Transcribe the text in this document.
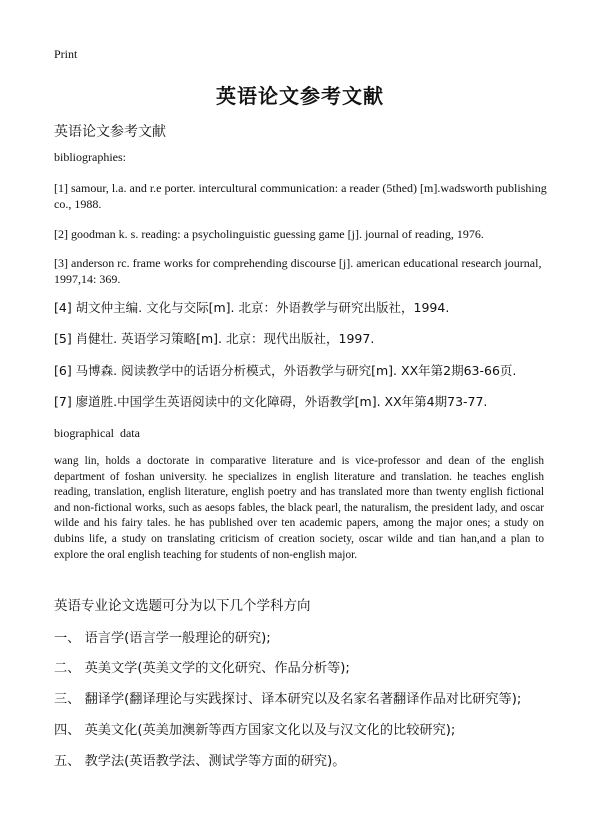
Print
英语论文参考文献
英语论文参考文献
bibliographies:
[1] samour, l.a. and r.e porter. intercultural communication: a reader (5thed) [m].wadsworth publishing co., 1988.
[2] goodman k. s. reading: a psycholinguistic guessing game [j]. journal of reading, 1976.
[3] anderson rc. frame works for comprehending discourse [j]. american educational research journal, 1997,14: 369.
[4] 胡文仲主编. 文化与交际[m]. 北京：外语教学与研究出版社，1994.
[5] 肖健壮. 英语学习策略[m]. 北京：现代出版社，1997.
[6] 马博森. 阅读教学中的话语分析模式，外语教学与研究[m]. XX年第2期63-66页.
[7] 廖道胜.中国学生英语阅读中的文化障碍，外语教学[m]. XX年第4期73-77.
biographical data
wang lin, holds a doctorate in comparative literature and is vice-professor and dean of the english department of foshan university. he specializes in english literature and translation. he teaches english reading, translation, english literature, english poetry and has translated more than twenty english fictional and non-fictional works, such as aesops fables, the black pearl, the naturalism, the president lady, and oscar wilde and his fairy tales. he has published over ten academic papers, among the major ones; a study on dubins life, a study on translating criticism of creation society, oscar wilde and tian han,and a plan to explore the oral english teaching for students of non-english major.
英语专业论文选题可分为以下几个学科方向
一、 语言学(语言学一般理论的研究);
二、 英美文学(英美文学的文化研究、作品分析等);
三、 翻译学(翻译理论与实践探讨、译本研究以及名家名著翻译作品对比研究等);
四、 英美文化(英美加澳新等西方国家文化以及与汉文化的比较研究);
五、 教学法(英语教学法、测试学等方面的研究)。
